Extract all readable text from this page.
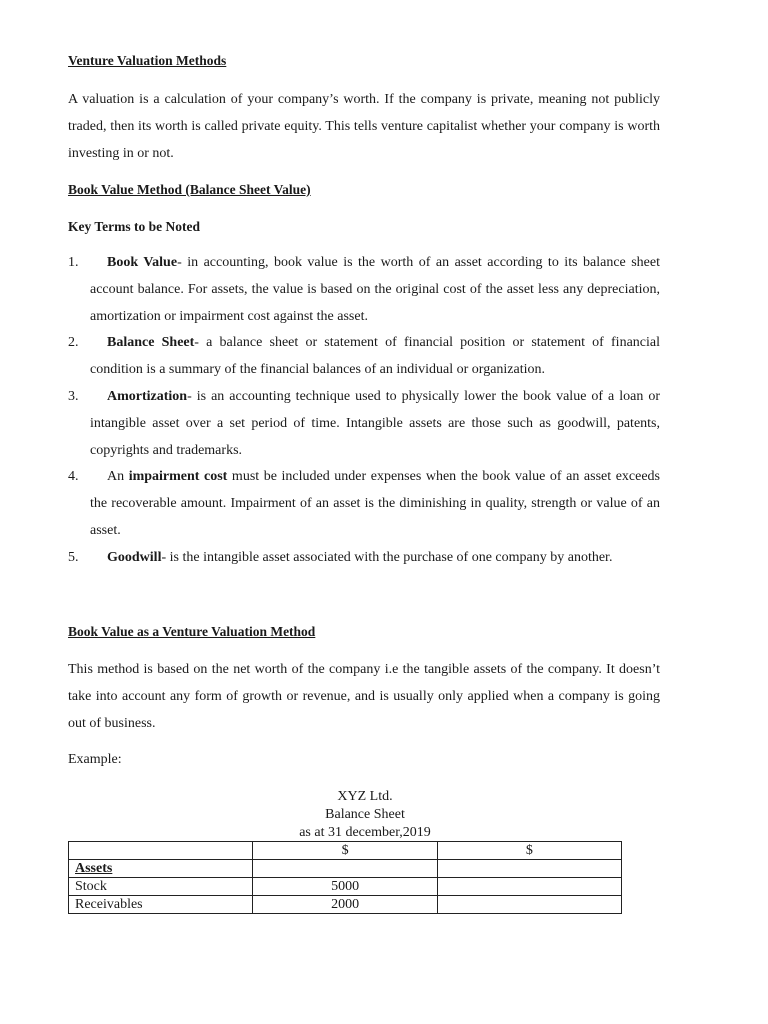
Venture Valuation Methods
A valuation is a calculation of your company’s worth. If the company is private, meaning not publicly traded, then its worth is called private equity. This tells venture capitalist whether your company is worth investing in or not.
Book Value Method (Balance Sheet Value)
Key Terms to be Noted
1.	Book Value- in accounting, book value is the worth of an asset according to its balance sheet account balance. For assets, the value is based on the original cost of the asset less any depreciation, amortization or impairment cost against the asset.
2.	Balance Sheet- a balance sheet or statement of financial position or statement of financial condition is a summary of the financial balances of an individual or organization.
3.	Amortization- is an accounting technique used to physically lower the book value of a loan or intangible asset over a set period of time. Intangible assets are those such as goodwill, patents, copyrights and trademarks.
4.	An impairment cost must be included under expenses when the book value of an asset exceeds the recoverable amount. Impairment of an asset is the diminishing in quality, strength or value of an asset.
5.	Goodwill- is the intangible asset associated with the purchase of one company by another.
Book Value as a Venture Valuation Method
This method is based on the net worth of the company i.e the tangible assets of the company. It doesn’t take into account any form of growth or revenue, and is usually only applied when a company is going out of business.
Example:
XYZ Ltd.
Balance Sheet
as at 31 december,2019
	$	$
Assets		
Stock	5000	
Receivables	2000	
